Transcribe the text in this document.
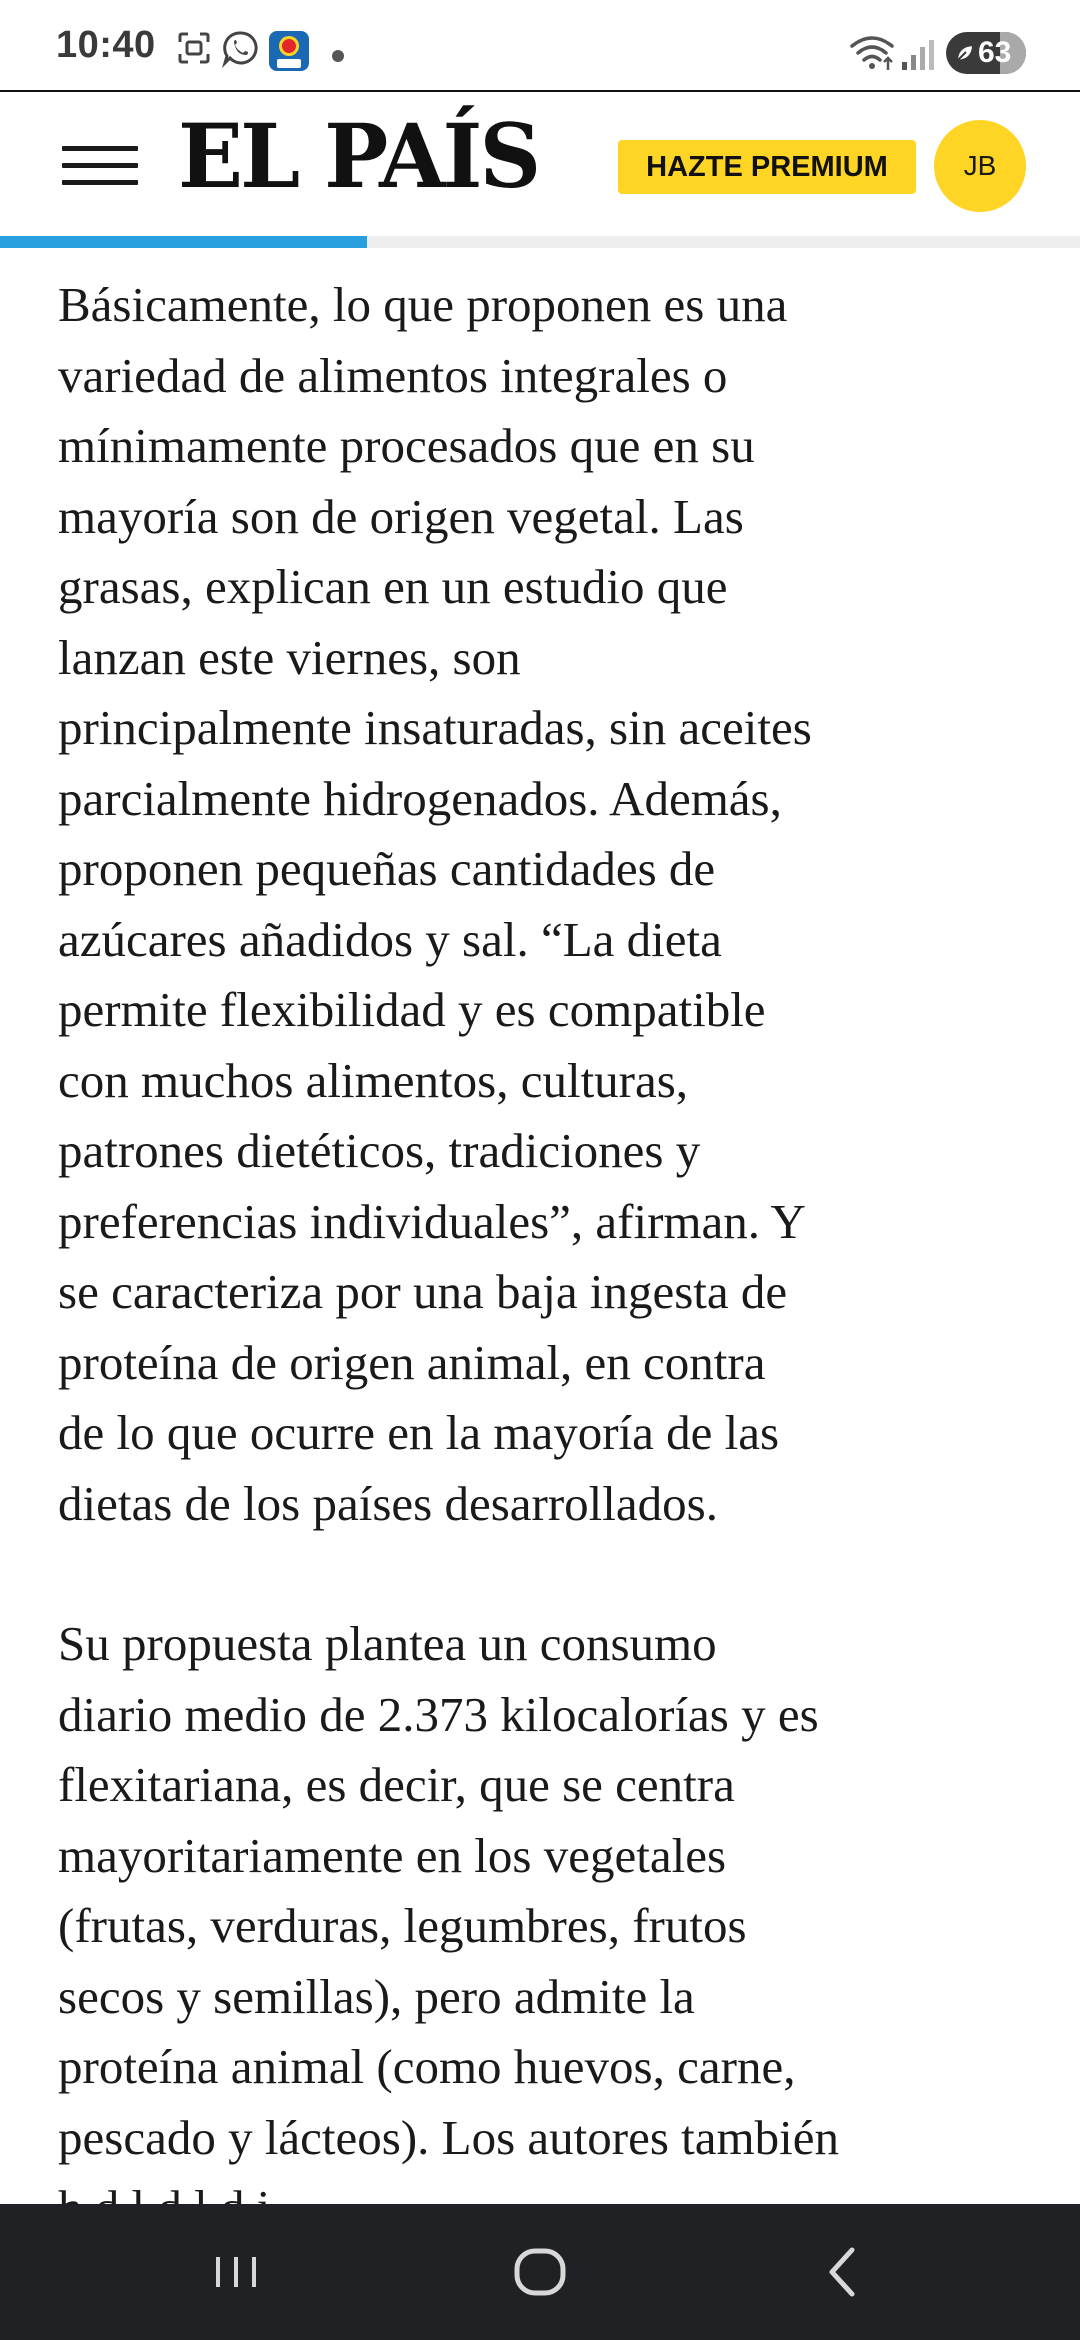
10:40	63
EL PAÍS	HAZTE PREMIUM	JB

Básicamente, lo que proponen es una
variedad de alimentos integrales o
mínimamente procesados que en su
mayoría son de origen vegetal. Las
grasas, explican en un estudio que
lanzan este viernes, son
principalmente insaturadas, sin aceites
parcialmente hidrogenados. Además,
proponen pequeñas cantidades de
azúcares añadidos y sal. “La dieta
permite flexibilidad y es compatible
con muchos alimentos, culturas,
patrones dietéticos, tradiciones y
preferencias individuales”, afirman. Y
se caracteriza por una baja ingesta de
proteína de origen animal, en contra
de lo que ocurre en la mayoría de las
dietas de los países desarrollados.

Su propuesta plantea un consumo
diario medio de 2.373 kilocalorías y es
flexitariana, es decir, que se centra
mayoritariamente en los vegetales
(frutas, verduras, legumbres, frutos
secos y semillas), pero admite la
proteína animal (como huevos, carne,
pescado y lácteos). Los autores también
